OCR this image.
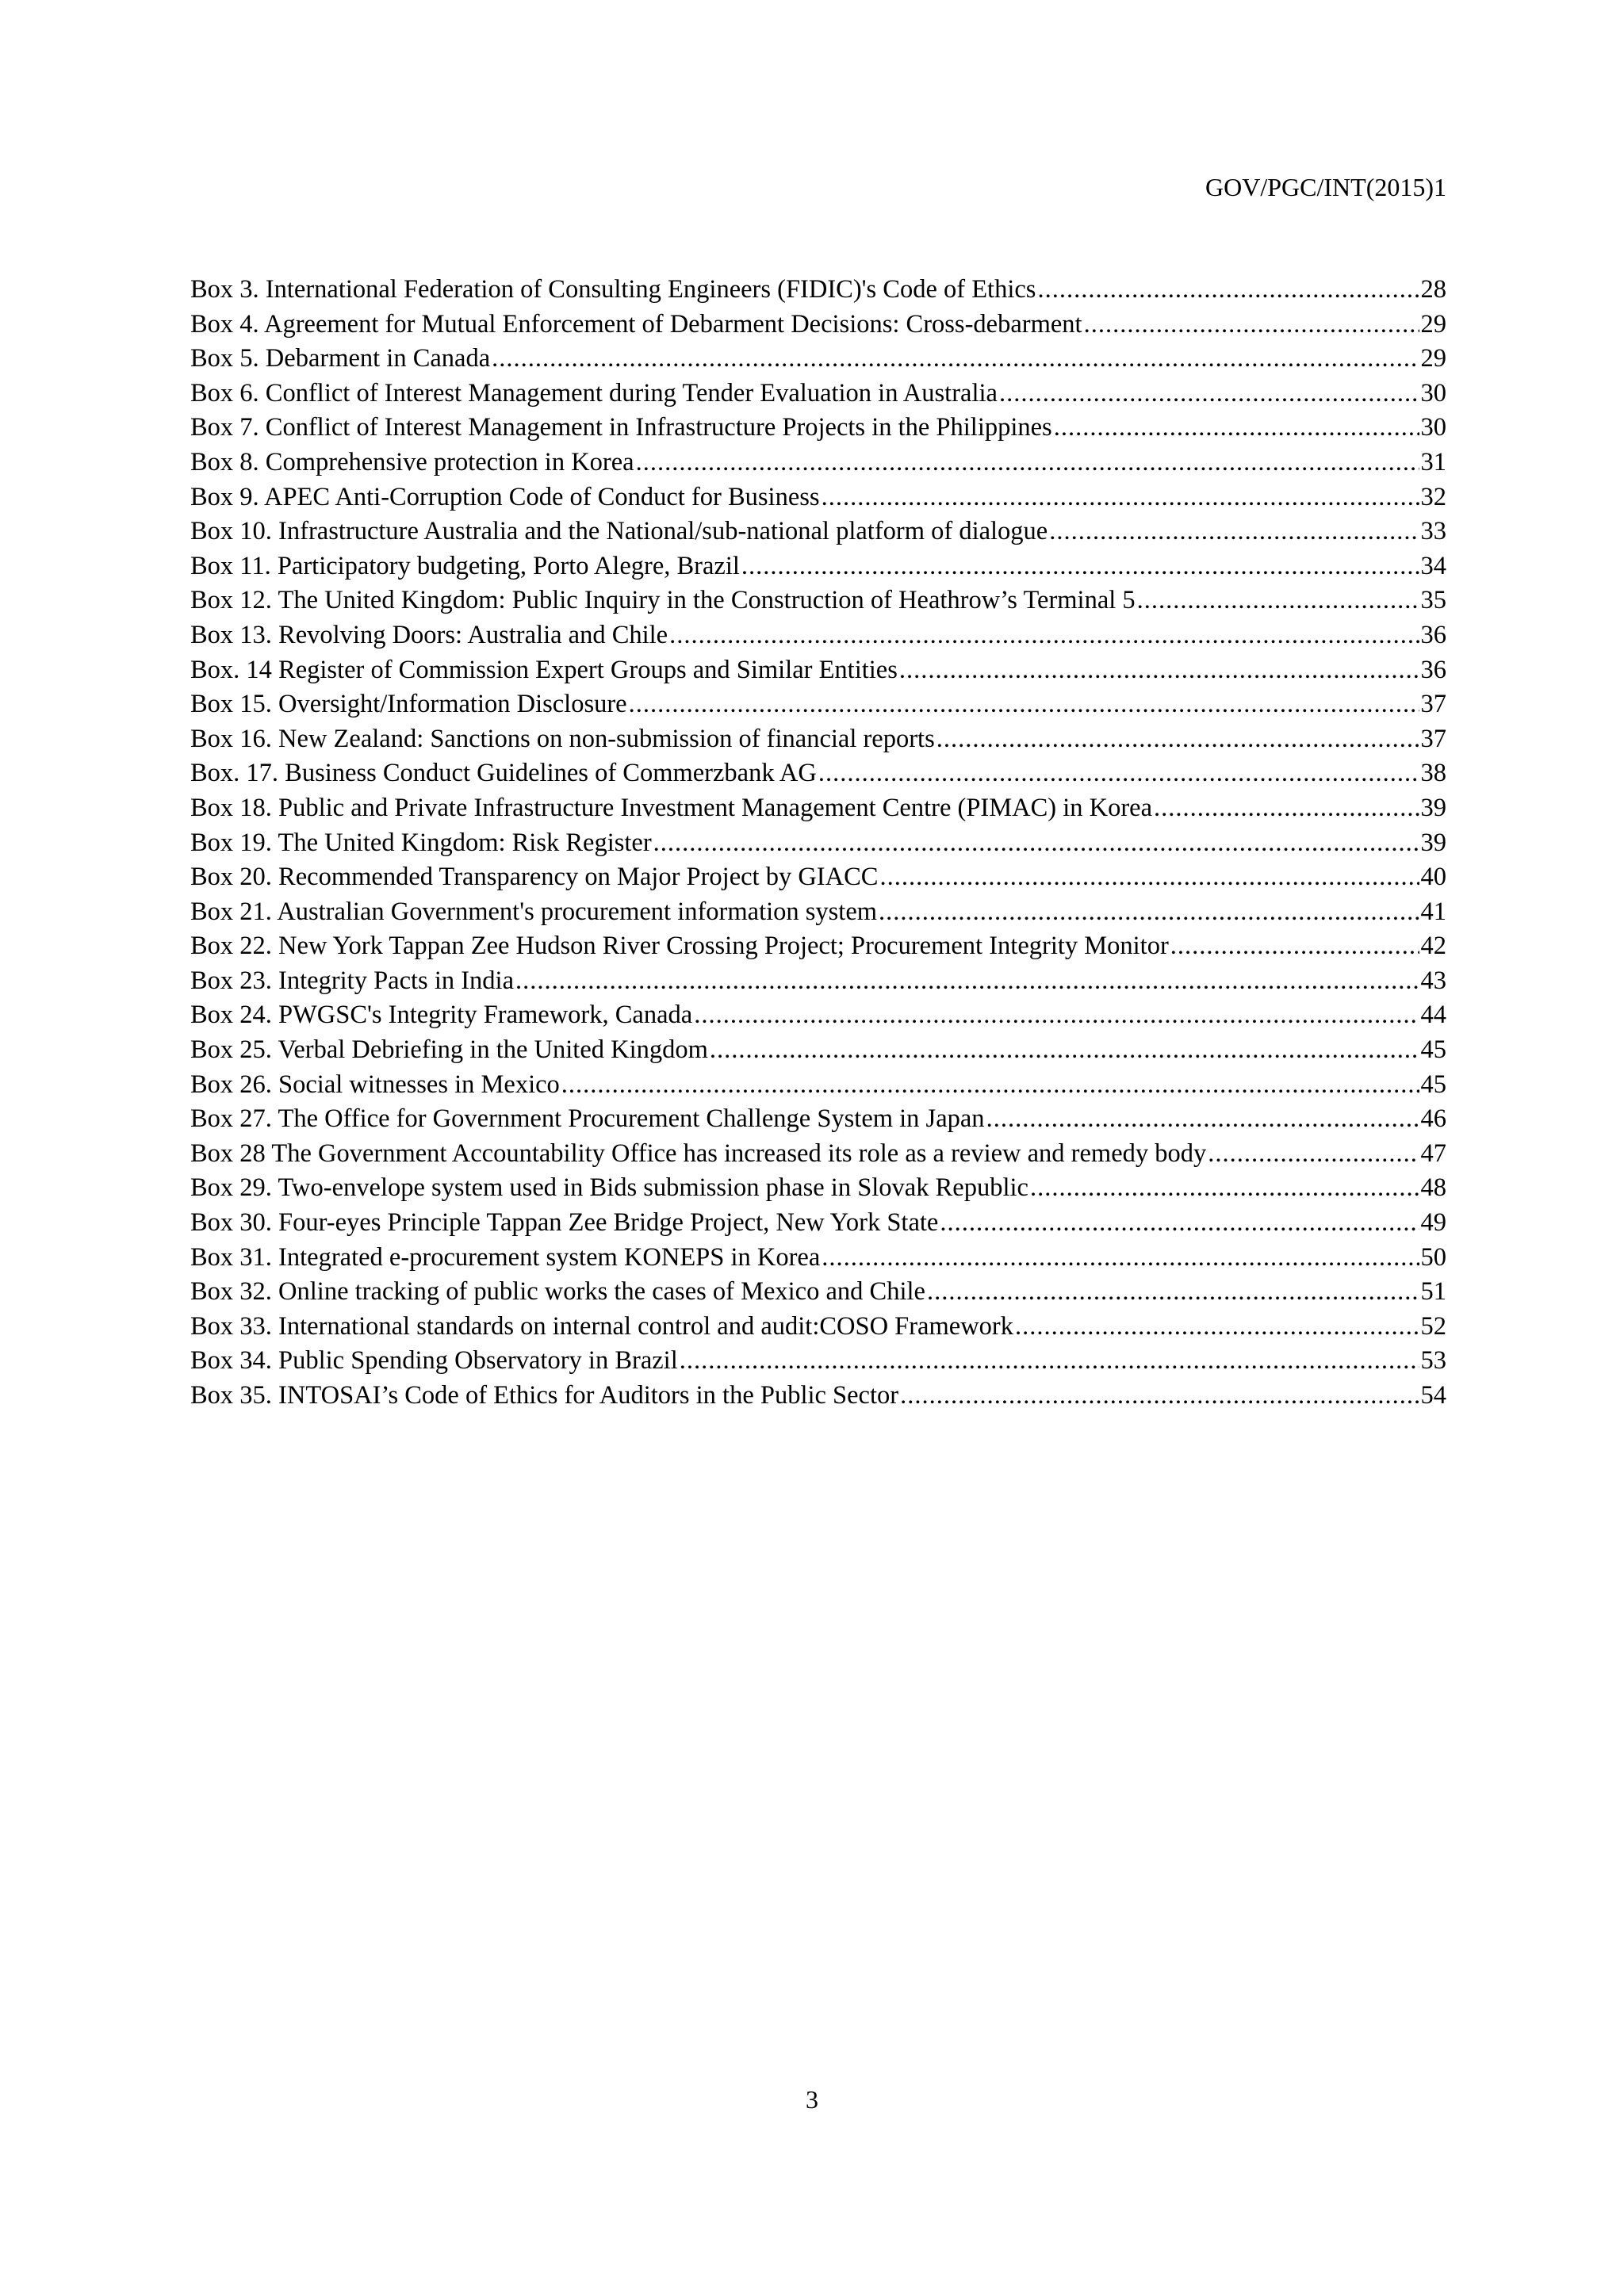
GOV/PGC/INT(2015)1
Box 3. International Federation of Consulting Engineers (FIDIC)'s Code of Ethics .....	28
Box 4. Agreement for Mutual Enforcement of Debarment Decisions: Cross-debarment .....	29
Box 5. Debarment in Canada .....	29
Box 6. Conflict of Interest Management during Tender Evaluation in Australia .....	30
Box 7. Conflict of Interest Management in Infrastructure Projects in the Philippines .....	30
Box 8. Comprehensive protection in Korea .....	31
Box 9. APEC Anti-Corruption Code of Conduct for Business .....	32
Box 10. Infrastructure Australia and the National/sub-national platform of dialogue .....	33
Box 11. Participatory budgeting, Porto Alegre, Brazil .....	34
Box 12. The United Kingdom: Public Inquiry in the Construction of Heathrow’s Terminal 5 .....	35
Box 13. Revolving Doors: Australia and Chile .....	36
Box. 14 Register of Commission Expert Groups and Similar Entities .....	36
Box 15. Oversight/Information Disclosure .....	37
Box 16. New Zealand: Sanctions on non-submission of financial reports .....	37
Box. 17. Business Conduct Guidelines of Commerzbank AG .....	38
Box 18. Public and Private Infrastructure Investment Management Centre (PIMAC) in Korea .....	39
Box 19. The United Kingdom: Risk Register .....	39
Box 20. Recommended Transparency on Major Project by GIACC .....	40
Box 21. Australian Government's procurement information system .....	41
Box 22. New York Tappan Zee Hudson River Crossing Project; Procurement Integrity Monitor .....	42
Box 23. Integrity Pacts in India .....	43
Box 24. PWGSC's Integrity Framework, Canada .....	44
Box 25. Verbal Debriefing in the United Kingdom .....	45
Box 26. Social witnesses in Mexico .....	45
Box 27. The Office for Government Procurement Challenge System in Japan .....	46
Box 28 The Government Accountability Office has increased its role as a review and remedy body .....	47
Box 29. Two-envelope system used in Bids submission phase in Slovak Republic .....	48
Box 30. Four-eyes Principle Tappan Zee Bridge Project, New York State .....	49
Box 31. Integrated e-procurement system KONEPS in Korea .....	50
Box 32. Online tracking of public works the cases of Mexico and Chile .....	51
Box 33. International standards on internal control and audit:COSO Framework .....	52
Box 34. Public Spending Observatory in Brazil .....	53
Box 35. INTOSAI’s Code of Ethics for Auditors in the Public Sector .....	54
3
